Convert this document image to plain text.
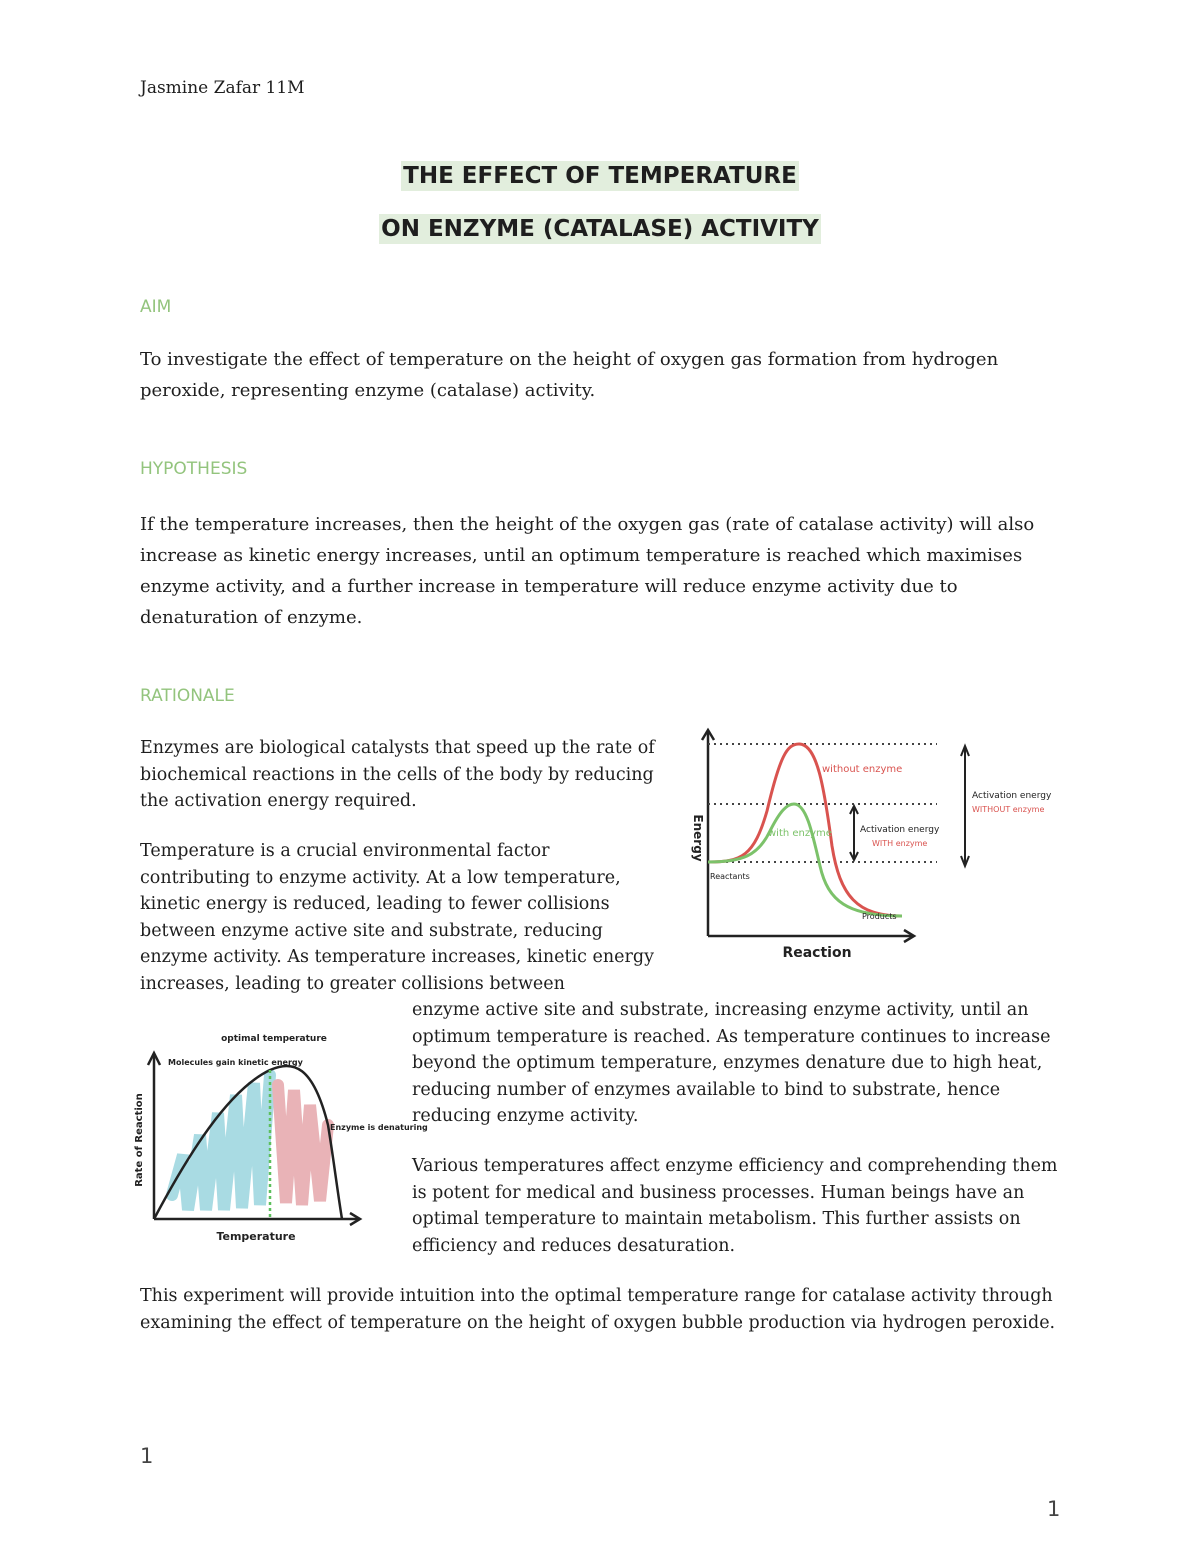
Jasmine Zafar 11M
THE EFFECT OF TEMPERATURE
ON ENZYME (CATALASE) ACTIVITY
AIM

To investigate the effect of temperature on the height of oxygen gas formation from hydrogen peroxide, representing enzyme (catalase) activity.

HYPOTHESIS

If the temperature increases, then the height of the oxygen gas (rate of catalase activity) will also increase as kinetic energy increases, until an optimum temperature is reached which maximises enzyme activity, and a further increase in temperature will reduce enzyme activity due to denaturation of enzyme.

RATIONALE

Enzymes are biological catalysts that speed up the rate of biochemical reactions in the cells of the body by reducing the activation energy required.

Temperature is a crucial environmental factor contributing to enzyme activity. At a low temperature, kinetic energy is reduced, leading to fewer collisions between enzyme active site and substrate, reducing enzyme activity. As temperature increases, kinetic energy increases, leading to greater collisions between

enzyme active site and substrate, increasing enzyme activity, until an optimum temperature is reached. As temperature continues to increase beyond the optimum temperature, enzymes denature due to high heat, reducing number of enzymes available to bind to substrate, hence reducing enzyme activity.

Various temperatures affect enzyme efficiency and comprehending them is potent for medical and business processes. Human beings have an optimal temperature to maintain metabolism. This further assists on efficiency and reduces desaturation.

This experiment will provide intuition into the optimal temperature range for catalase activity through examining the effect of temperature on the height of oxygen bubble production via hydrogen peroxide.

Energy
Reaction
without enzyme
with enzyme	Activation energy
WITH enzyme
Activation energy
WITHOUT enzyme
Reactants
Products
optimal temperature
Molecules gain kinetic energy
Enzyme is denaturing
Rate of Reaction
Temperature
1
1
